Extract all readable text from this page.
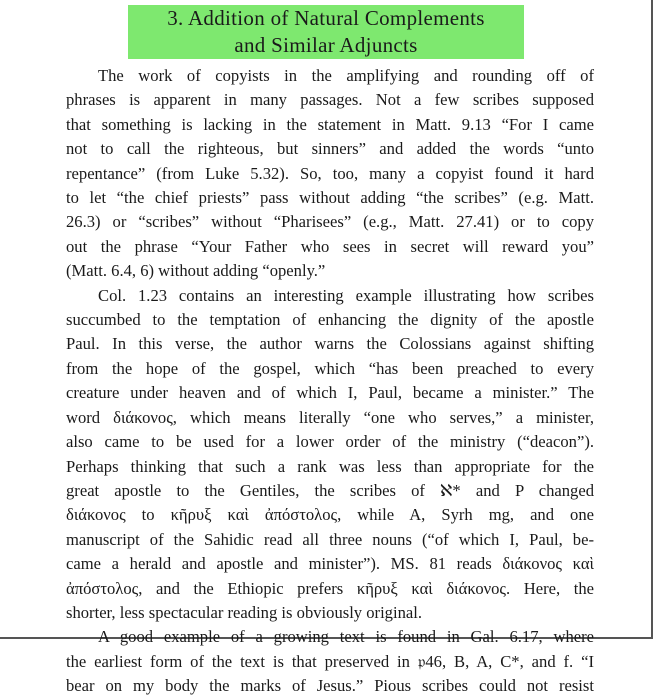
3. Addition of Natural Complements
and Similar Adjuncts
The work of copyists in the amplifying and rounding off of
phrases is apparent in many passages. Not a few scribes supposed
that something is lacking in the statement in Matt. 9.13 “For I came
not to call the righteous, but sinners” and added the words “unto
repentance” (from Luke 5.32). So, too, many a copyist found it hard
to let “the chief priests” pass without adding “the scribes” (e.g. Matt.
26.3) or “scribes” without “Pharisees” (e.g., Matt. 27.41) or to copy
out the phrase “Your Father who sees in secret will reward you”
(Matt. 6.4, 6) without adding “openly.”
Col. 1.23 contains an interesting example illustrating how scribes
succumbed to the temptation of enhancing the dignity of the apostle
Paul. In this verse, the author warns the Colossians against shifting
from the hope of the gospel, which “has been preached to every
creature under heaven and of which I, Paul, became a minister.” The
word διάκονος, which means literally “one who serves,” a minister,
also came to be used for a lower order of the ministry (“deacon”).
Perhaps thinking that such a rank was less than appropriate for the
great apostle to the Gentiles, the scribes of ℵ* and P changed
διάκονος to κῆρυξ καὶ ἀπόστολος, while A, Syrh mg, and one
manuscript of the Sahidic read all three nouns (“of which I, Paul, be-
came a herald and apostle and minister”). MS. 81 reads διάκονος καὶ
ἀπόστολος, and the Ethiopic prefers κῆρυξ καὶ διάκονος. Here, the
shorter, less spectacular reading is obviously original.
A good example of a growing text is found in Gal. 6.17, where
the earliest form of the text is that preserved in 𝔭46, B, A, C*, and f. “I
bear on my body the marks of Jesus.” Pious scribes could not resist
